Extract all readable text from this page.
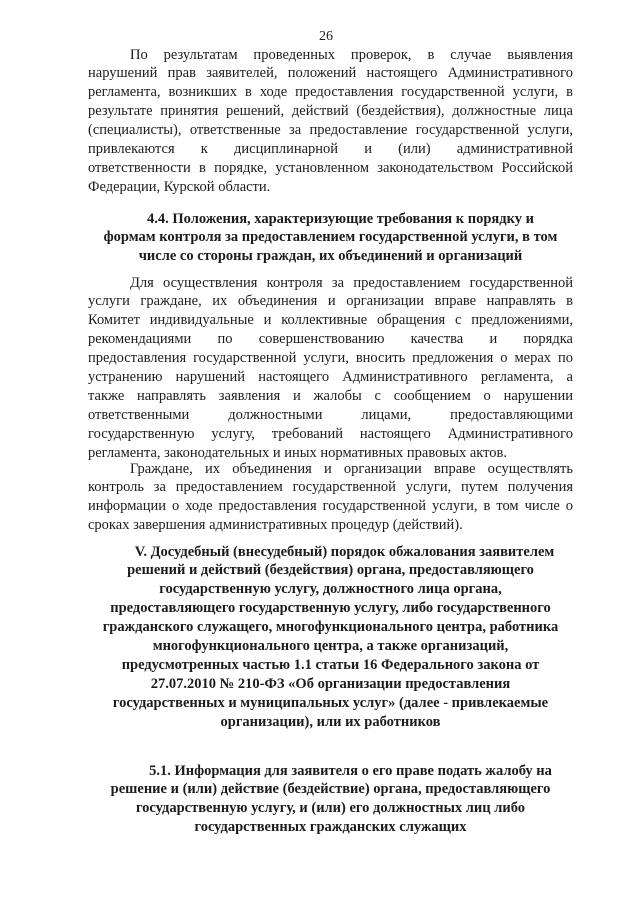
26
По результатам проведенных проверок, в случае выявления
нарушений прав заявителей, положений настоящего Административного
регламента, возникших в ходе предоставления государственной услуги, в
результате принятия решений, действий (бездействия), должностные лица
(специалисты), ответственные за предоставление государственной услуги,
привлекаются к дисциплинарной и (или) административной
ответственности в порядке, установленном законодательством Российской
Федерации, Курской области.
4.4. Положения, характеризующие требования к порядку и
формам контроля за предоставлением государственной услуги, в том
числе со стороны граждан, их объединений и организаций
Для осуществления контроля за предоставлением государственной
услуги граждане, их объединения и организации вправе направлять в
Комитет индивидуальные и коллективные обращения с предложениями,
рекомендациями по совершенствованию качества и порядка
предоставления государственной услуги, вносить предложения о мерах по
устранению нарушений настоящего Административного регламента, а
также направлять заявления и жалобы с сообщением о нарушении
ответственными должностными лицами, предоставляющими
государственную услугу, требований настоящего Административного
регламента, законодательных и иных нормативных правовых актов.
Граждане, их объединения и организации вправе осуществлять
контроль за предоставлением государственной услуги, путем получения
информации о ходе предоставления государственной услуги, в том числе о
сроках завершения административных процедур (действий).
V. Досудебный (внесудебный) порядок обжалования заявителем
решений и действий (бездействия) органа, предоставляющего
государственную услугу, должностного лица органа,
предоставляющего государственную услугу, либо государственного
гражданского служащего, многофункционального центра, работника
многофункционального центра, а также организаций,
предусмотренных частью 1.1 статьи 16 Федерального закона от
27.07.2010 № 210-ФЗ «Об организации предоставления
государственных и муниципальных услуг» (далее - привлекаемые
организации), или их работников
5.1. Информация для заявителя о его праве подать жалобу на
решение и (или) действие (бездействие) органа, предоставляющего
государственную услугу, и (или) его должностных лиц либо
государственных гражданских служащих
